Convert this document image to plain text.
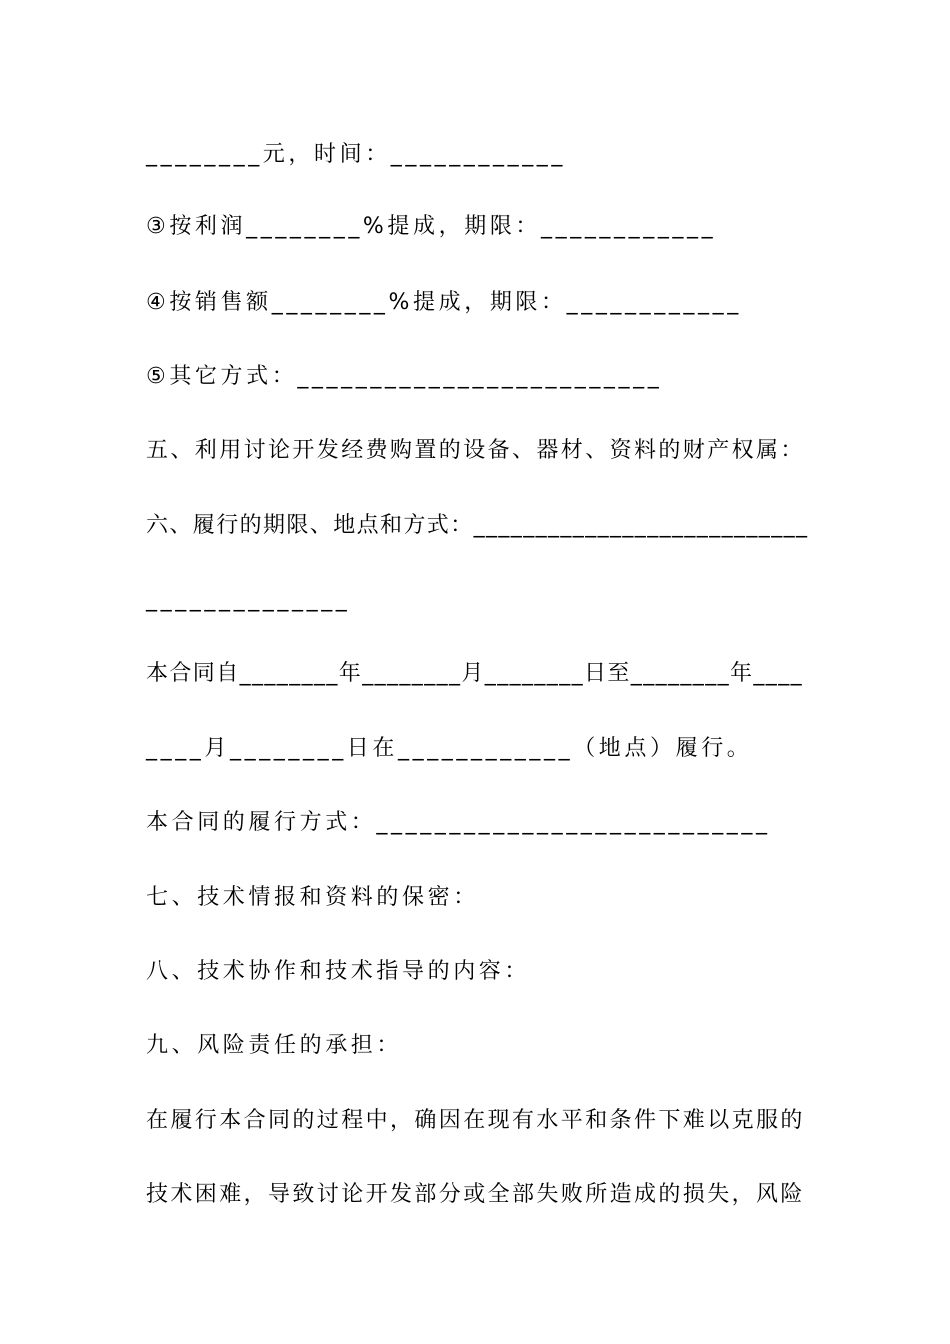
________元，时间：____________
③按利润________%提成，期限：____________
④按销售额________%提成，期限：____________
⑤其它方式：_________________________
五、利用讨论开发经费购置的设备、器材、资料的财产权属：
六、履行的期限、地点和方式：___________________________
______________
本合同自________年________月________日至________年____
____月________日在____________（地点）履行。
本合同的履行方式：___________________________
七、技术情报和资料的保密：
八、技术协作和技术指导的内容：
九、风险责任的承担：
在履行本合同的过程中，确因在现有水平和条件下难以克服的
技术困难，导致讨论开发部分或全部失败所造成的损失，风险
